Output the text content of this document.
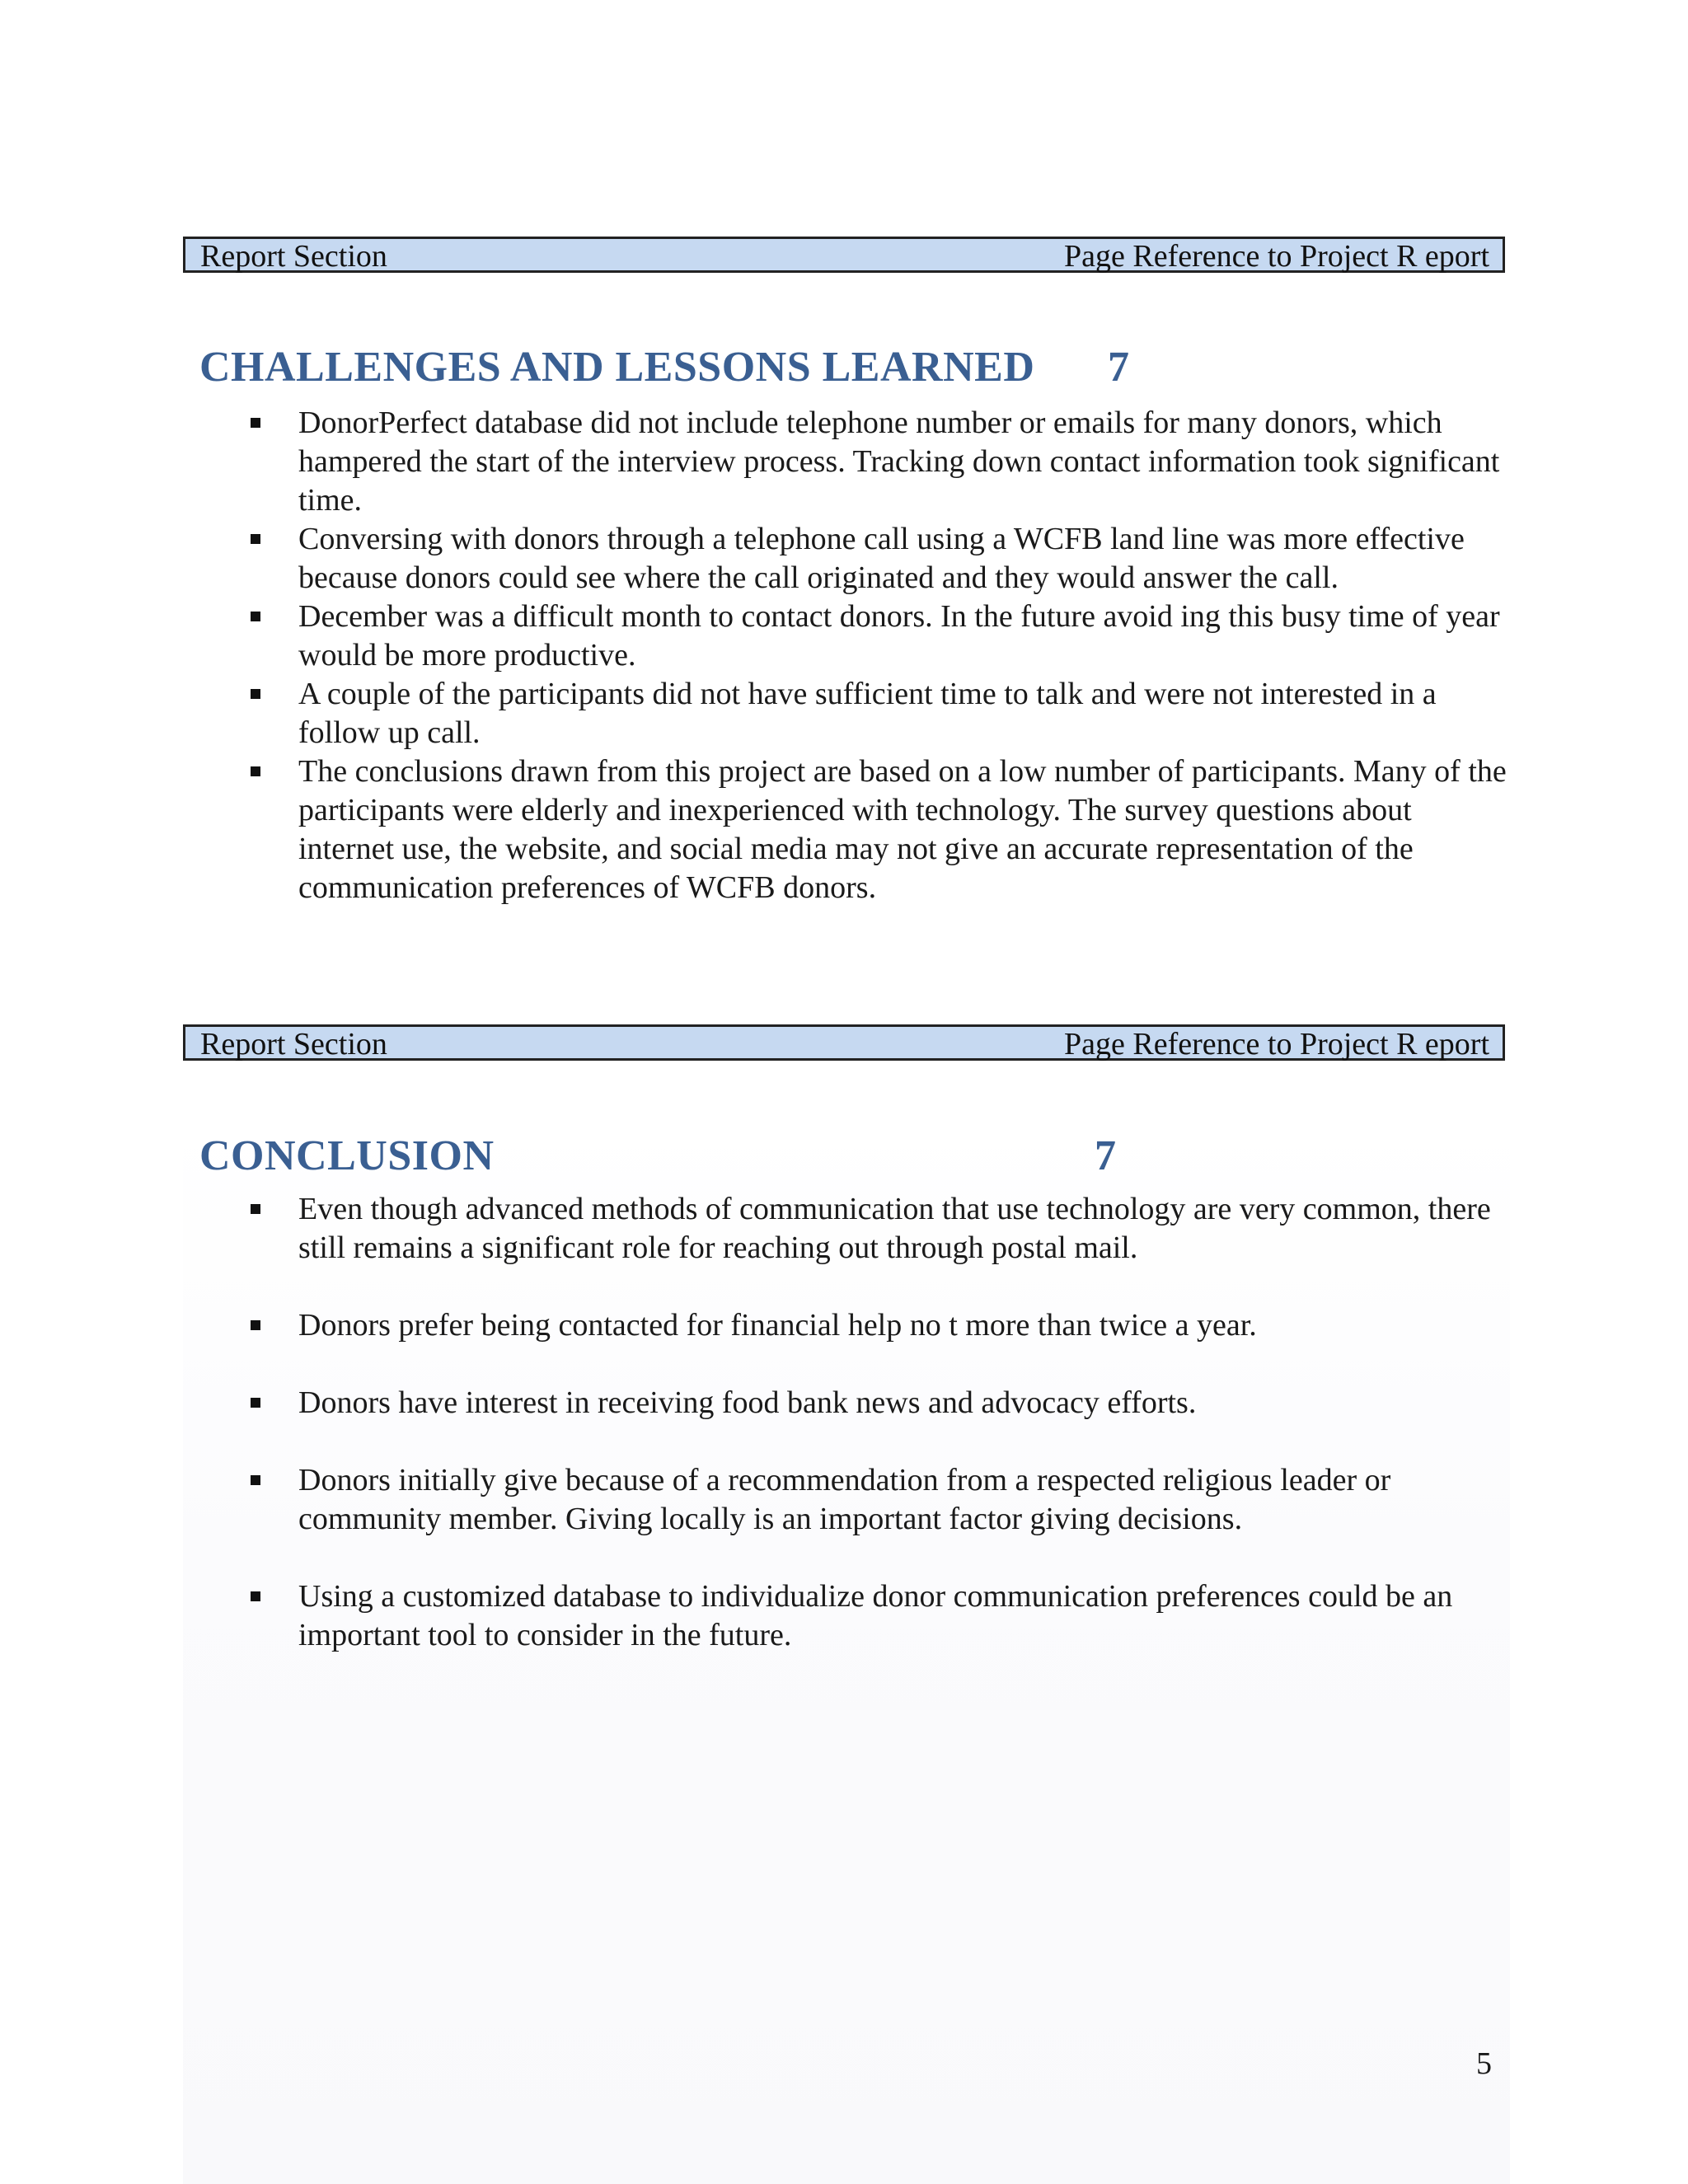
Report Section	Page Reference to Project R eport
CHALLENGES AND LESSONS LEARNED 7
DonorPerfect database did not include telephone number or emails for many donors, which hampered the start of the interview process. Tracking down contact information took significant time.
Conversing with donors through a telephone call using a WCFB land line was more effective because donors could see where the call originated and they would answer the call.
December was a difficult month to contact donors. In the future avoid ing this busy time of year would be more productive.
A couple of the participants did not have sufficient time to talk and were not interested in a follow up call.
The conclusions drawn from this project are based on a low number of participants. Many of the participants were elderly and inexperienced with technology. The survey questions about internet use, the website, and social media may not give an accurate representation of the communication preferences of WCFB donors.
Report Section	Page Reference to Project R eport
CONCLUSION	7
Even though advanced methods of communication that use technology are very common, there still remains a significant role for reaching out through postal mail.
Donors prefer being contacted for financial help no t more than twice a year.
Donors have interest in receiving food bank news and advocacy efforts.
Donors initially give because of a recommendation from a respected religious leader or community member. Giving locally is an important factor giving decisions.
Using a customized database to individualize donor communication preferences could be an important tool to consider in the future.
5
